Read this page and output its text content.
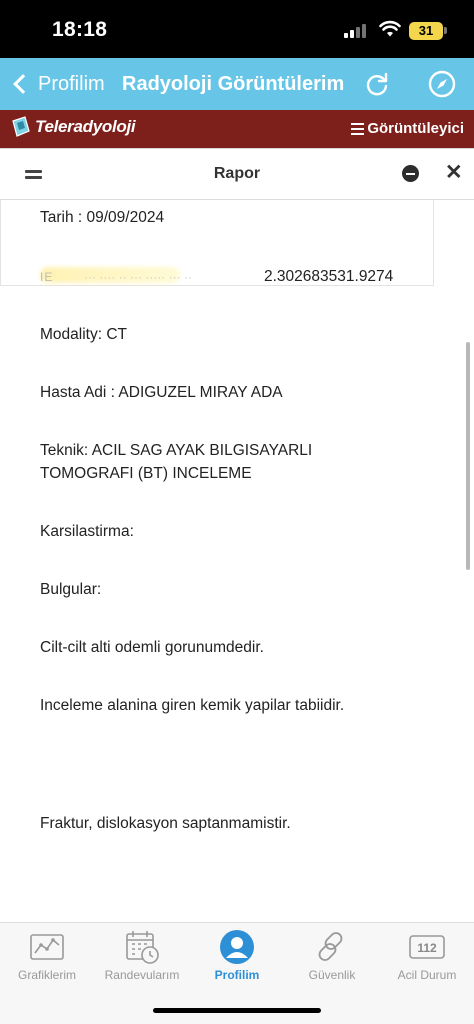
18:18	31
Profilim Radyoloji Görüntülerim
Teleradyoloji	Görüntüleyici
Rapor	✕
Tarih : 09/09/2024
IE	··· ···· ·· ··· ····· ··· ··	2.302683531.9274
Modality: CT
Hasta Adi : ADIGUZEL MIRAY ADA
Teknik: ACIL SAG AYAK BILGISAYARLI
TOMOGRAFI (BT) INCELEME
Karsilastirma:
Bulgular:
Cilt-cilt alti odemli gorunumdedir.
Inceleme alanina giren kemik yapilar tabiidir.
Fraktur, dislokasyon saptanmamistir.
Grafiklerim	Randevularım	Profilim	Güvenlik
112
Acil Durum
